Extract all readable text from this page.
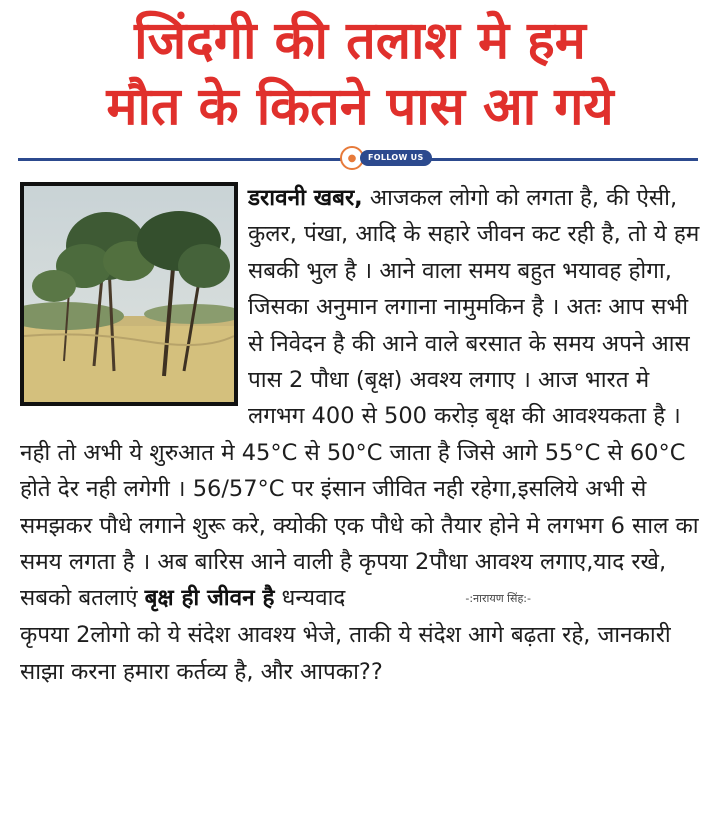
जिंदगी की तलाश मे हम
मौत के कितने पास आ गये
●	FOLLOW US
डरावनी खबर, आजकल लोगो को लगता है, की ऐसी, कुलर, पंखा, आदि के सहारे जीवन कट रही है, तो ये हम सबकी भुल है । आने वाला समय बहुत भयावह होगा, जिसका अनुमान लगाना नामुमकिन है । अतः आप सभी से निवेदन है की आने वाले बरसात के समय अपने आस पास 2 पौधा (बृक्ष) अवश्य लगाए । आज भारत मे लगभग 400 से 500 करोड़ बृक्ष की आवश्यकता है । नही तो अभी ये शुरुआत मे 45°C से 50°C जाता है जिसे आगे 55°C से 60°C होते देर नही लगेगी । 56/57°C पर इंसान जीवित नही रहेगा,इसलिये अभी से समझकर पौधे लगाने शुरू करे, क्योकी एक पौधे को तैयार होने मे लगभग 6 साल का समय लगता है । अब बारिस आने वाली है कृपया 2पौधा आवश्य लगाए,याद रखे, सबको बतलाएं बृक्ष ही जीवन है धन्यवाद	-:नारायण सिंह:-
कृपया 2लोगो को ये संदेश आवश्य भेजे, ताकी ये संदेश आगे बढ़ता रहे, जानकारी साझा करना हमारा कर्तव्य है, और आपका??
